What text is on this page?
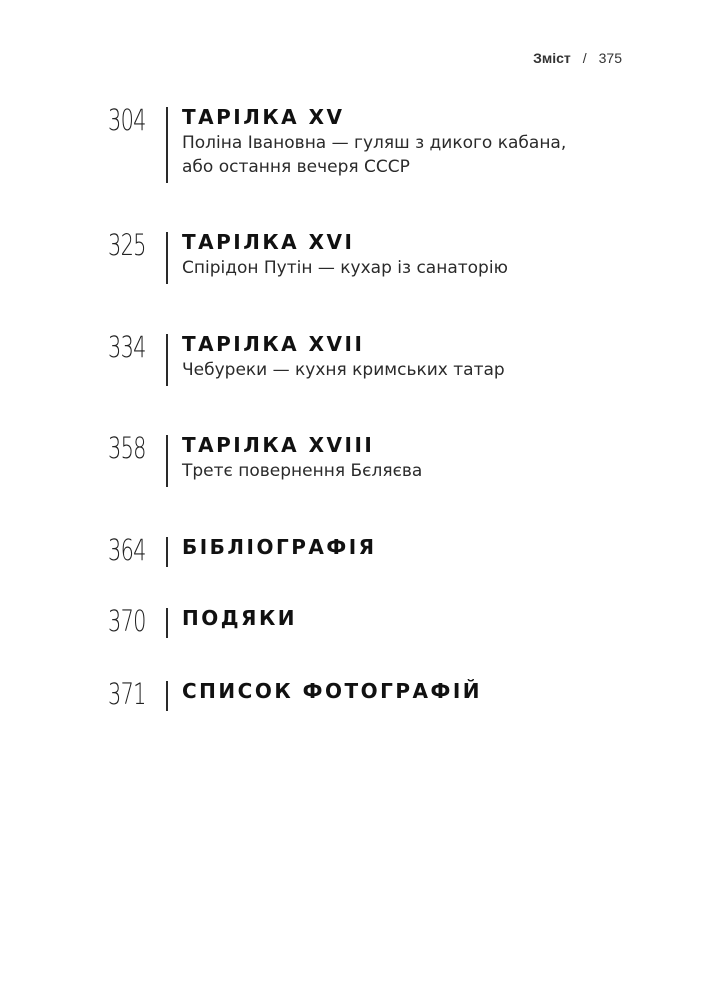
Зміст / 375
304 ТАРІЛКА XV
Поліна Івановна — гуляш з дикого кабана,
або остання вечеря СССР
325 ТАРІЛКА XVI
Спірідон Путін — кухар із санаторію
334 ТАРІЛКА XVII
Чебуреки — кухня кримських татар
358 ТАРІЛКА XVIII
Третє повернення Бєляєва
364 БІБЛІОГРАФІЯ
370 ПОДЯКИ
371 СПИСОК ФОТОГРАФІЙ
